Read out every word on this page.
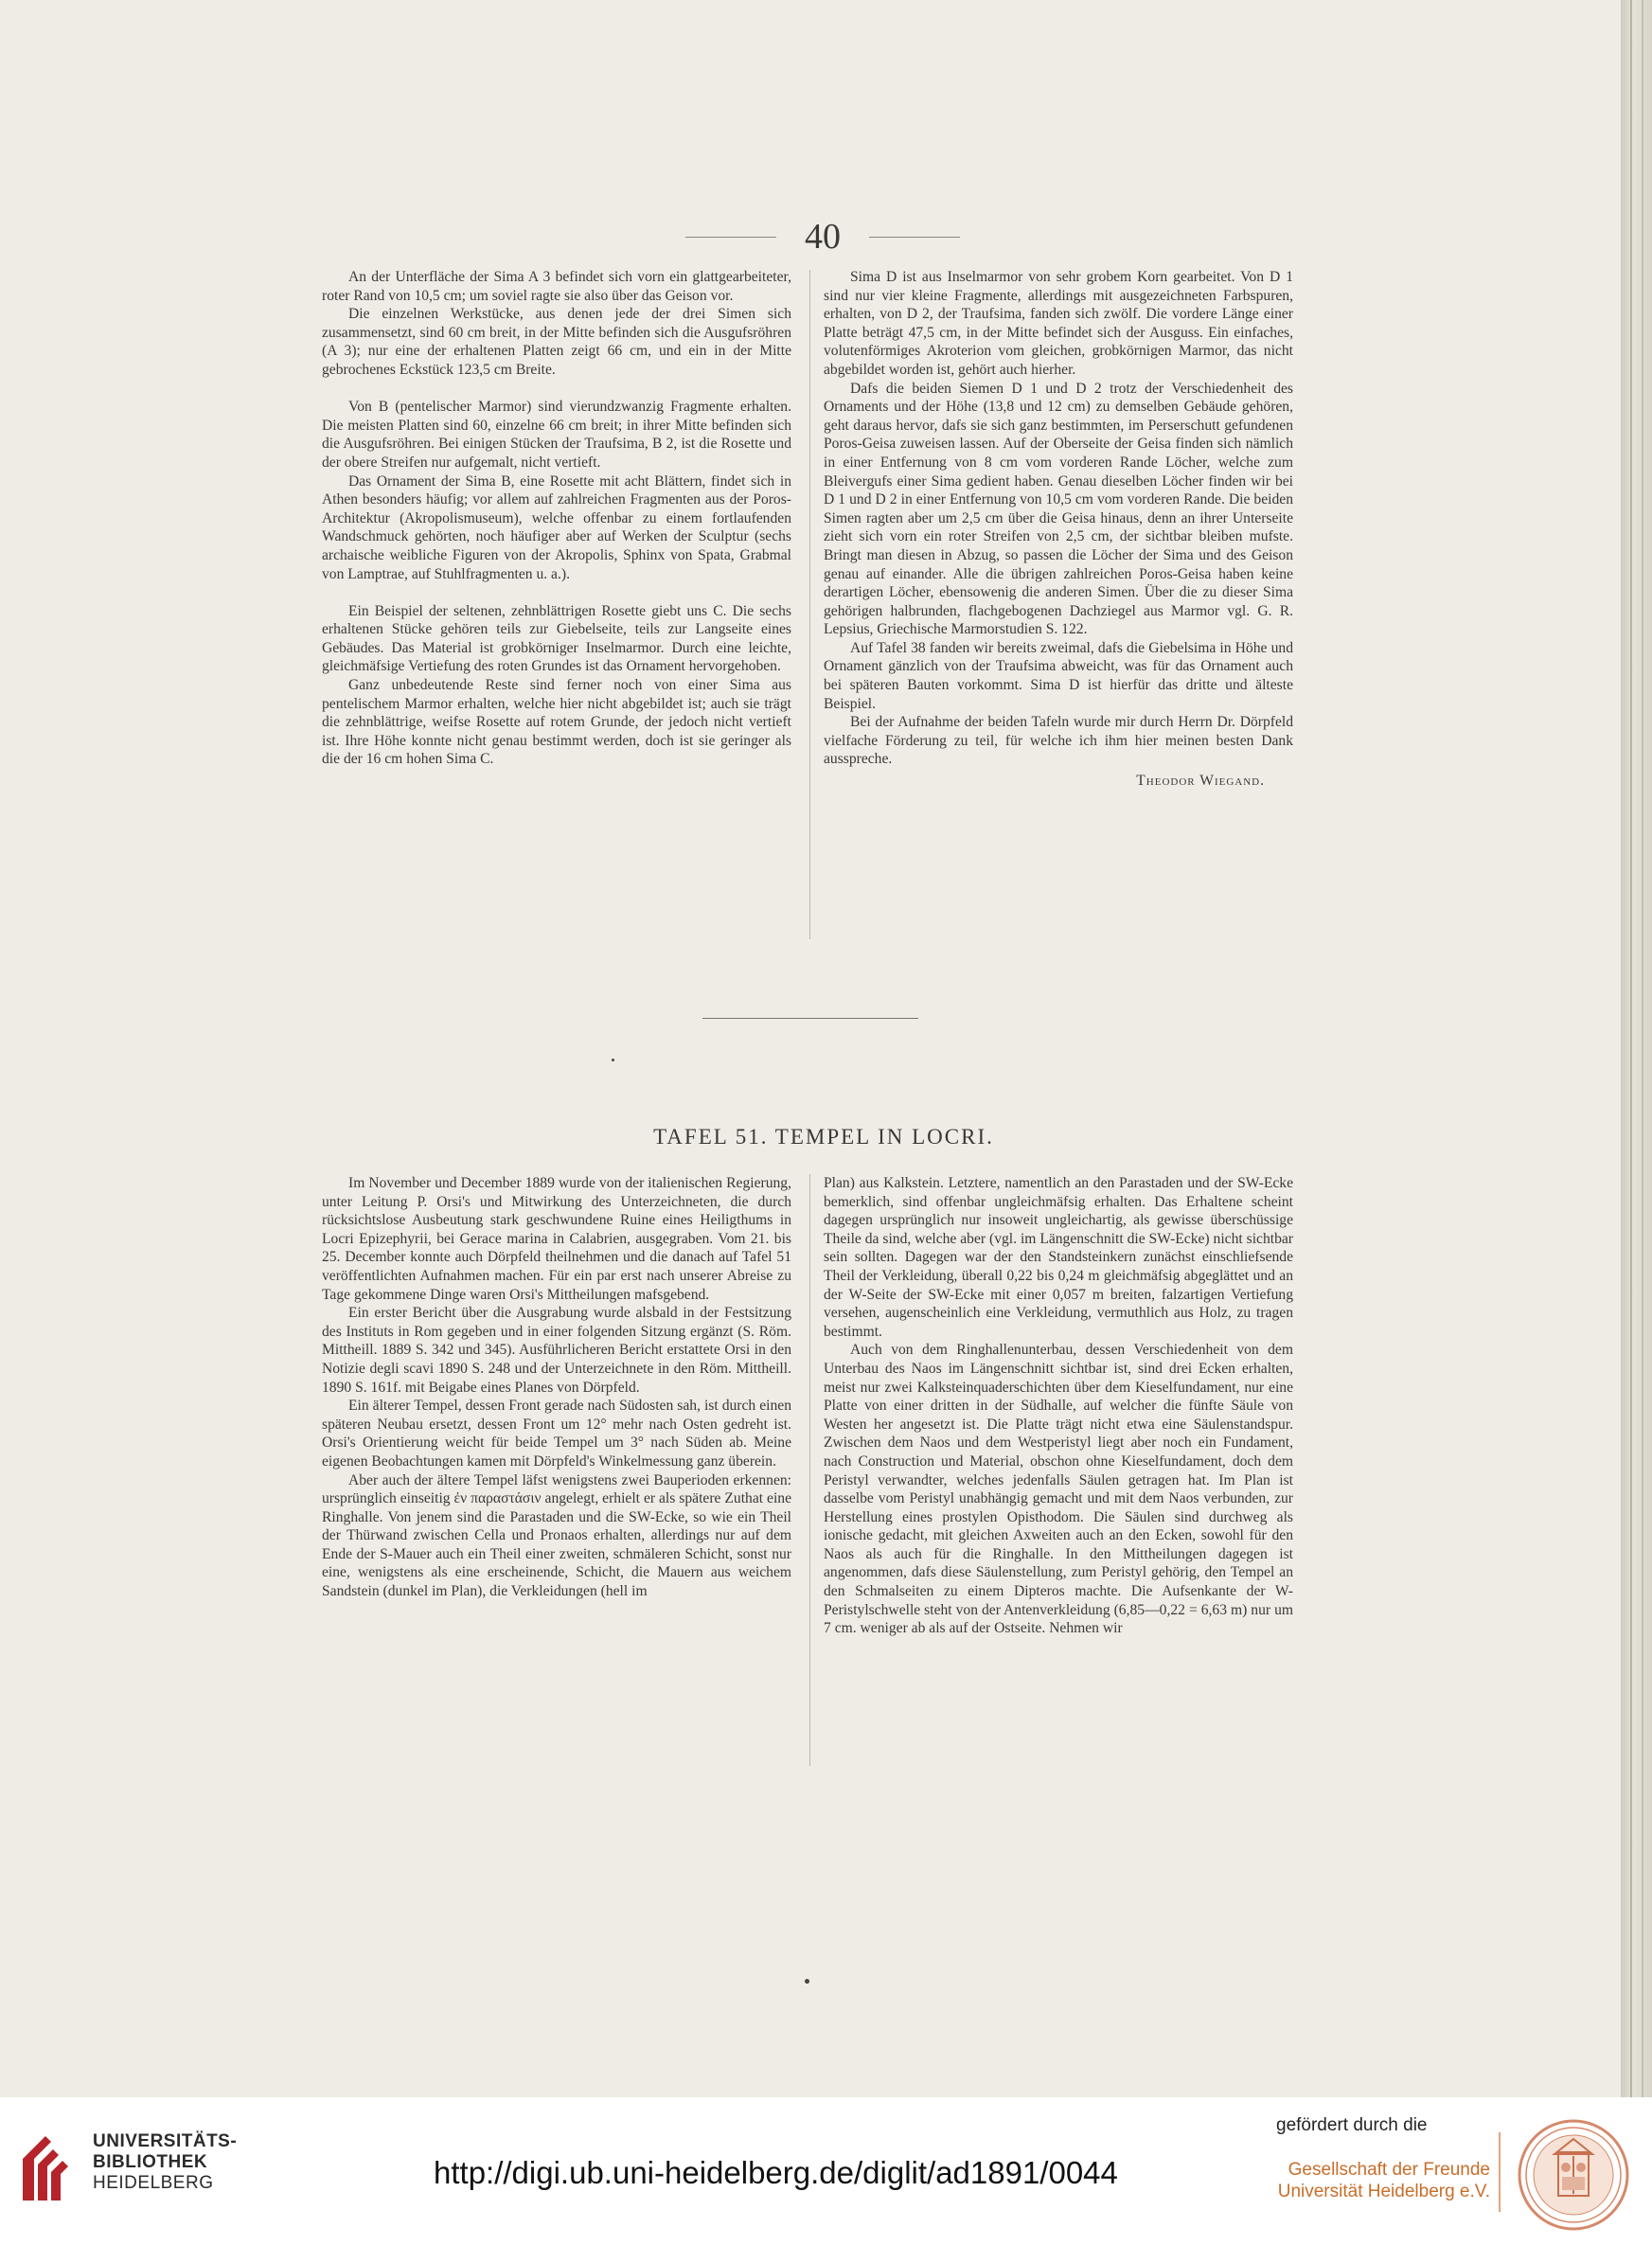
40

An der Unterfläche der Sima A 3 befindet sich vorn ein glattgearbeiteter, roter Rand von 10,5 cm; um soviel ragte sie also über das Geison vor.

Die einzelnen Werkstücke, aus denen jede der drei Simen sich zusammensetzt, sind 60 cm breit, in der Mitte befinden sich die Ausgufsröhren (A 3); nur eine der erhaltenen Platten zeigt 66 cm, und ein in der Mitte gebrochenes Eckstück 123,5 cm Breite.

Von B (pentelischer Marmor) sind vierundzwanzig Fragmente erhalten. Die meisten Platten sind 60, einzelne 66 cm breit; in ihrer Mitte befinden sich die Ausgufsröhren. Bei einigen Stücken der Traufsima, B 2, ist die Rosette und der obere Streifen nur aufgemalt, nicht vertieft.

Das Ornament der Sima B, eine Rosette mit acht Blättern, findet sich in Athen besonders häufig; vor allem auf zahlreichen Fragmenten aus der Poros-Architektur (Akropolismuseum), welche offenbar zu einem fortlaufenden Wandschmuck gehörten, noch häufiger aber auf Werken der Sculptur (sechs archaische weibliche Figuren von der Akropolis, Sphinx von Spata, Grabmal von Lamptrae, auf Stuhlfragmenten u. a.).

Ein Beispiel der seltenen, zehnblättrigen Rosette giebt uns C. Die sechs erhaltenen Stücke gehören teils zur Giebelseite, teils zur Langseite eines Gebäudes. Das Material ist grobkörniger Inselmarmor. Durch eine leichte, gleichmäfsige Vertiefung des roten Grundes ist das Ornament hervorgehoben.

Ganz unbedeutende Reste sind ferner noch von einer Sima aus pentelischem Marmor erhalten, welche hier nicht abgebildet ist; auch sie trägt die zehnblättrige, weifse Rosette auf rotem Grunde, der jedoch nicht vertieft ist. Ihre Höhe konnte nicht genau bestimmt werden, doch ist sie geringer als die der 16 cm hohen Sima C.

Sima D ist aus Inselmarmor von sehr grobem Korn gearbeitet. Von D 1 sind nur vier kleine Fragmente, allerdings mit ausgezeichneten Farbspuren, erhalten, von D 2, der Traufsima, fanden sich zwölf. Die vordere Länge einer Platte beträgt 47,5 cm, in der Mitte befindet sich der Ausguss. Ein einfaches, volutenförmiges Akroterion vom gleichen, grobkörnigen Marmor, das nicht abgebildet worden ist, gehört auch hierher.

Dafs die beiden Siemen D 1 und D 2 trotz der Verschiedenheit des Ornaments und der Höhe (13,8 und 12 cm) zu demselben Gebäude gehören, geht daraus hervor, dafs sie sich ganz bestimmten, im Perserschutt gefundenen Poros-Geisa zuweisen lassen. Auf der Oberseite der Geisa finden sich nämlich in einer Entfernung von 8 cm vom vorderen Rande Löcher, welche zum Bleivergufs einer Sima gedient haben. Genau dieselben Löcher finden wir bei D 1 und D 2 in einer Entfernung von 10,5 cm vom vorderen Rande. Die beiden Simen ragten aber um 2,5 cm über die Geisa hinaus, denn an ihrer Unterseite zieht sich vorn ein roter Streifen von 2,5 cm, der sichtbar bleiben mufste. Bringt man diesen in Abzug, so passen die Löcher der Sima und des Geison genau auf einander. Alle die übrigen zahlreichen Poros-Geisa haben keine derartigen Löcher, ebensowenig die anderen Simen. Über die zu dieser Sima gehörigen halbrunden, flachgebogenen Dachziegel aus Marmor vgl. G. R. Lepsius, Griechische Marmorstudien S. 122.

Auf Tafel 38 fanden wir bereits zweimal, dafs die Giebelsima in Höhe und Ornament gänzlich von der Traufsima abweicht, was für das Ornament auch bei späteren Bauten vorkommt. Sima D ist hierfür das dritte und älteste Beispiel.

Bei der Aufnahme der beiden Tafeln wurde mir durch Herrn Dr. Dörpfeld vielfache Förderung zu teil, für welche ich ihm hier meinen besten Dank ausspreche.

Theodor Wiegand.
TAFEL 51. TEMPEL IN LOCRI.

Im November und December 1889 wurde von der italienischen Regierung, unter Leitung P. Orsi's und Mitwirkung des Unterzeichneten, die durch rücksichtslose Ausbeutung stark geschwundene Ruine eines Heiligthums in Locri Epizephyrii, bei Gerace marina in Calabrien, ausgegraben. Vom 21. bis 25. December konnte auch Dörpfeld theilnehmen und die danach auf Tafel 51 veröffentlichten Aufnahmen machen. Für ein par erst nach unserer Abreise zu Tage gekommene Dinge waren Orsi's Mittheilungen mafsgebend.

Ein erster Bericht über die Ausgrabung wurde alsbald in der Festsitzung des Instituts in Rom gegeben und in einer folgenden Sitzung ergänzt (S. Röm. Mittheill. 1889 S. 342 und 345). Ausführlicheren Bericht erstattete Orsi in den Notizie degli scavi 1890 S. 248 und der Unterzeichnete in den Röm. Mittheill. 1890 S. 161f. mit Beigabe eines Planes von Dörpfeld.

Ein älterer Tempel, dessen Front gerade nach Südosten sah, ist durch einen späteren Neubau ersetzt, dessen Front um 12° mehr nach Osten gedreht ist. Orsi's Orientierung weicht für beide Tempel um 3° nach Süden ab. Meine eigenen Beobachtungen kamen mit Dörpfeld's Winkelmessung ganz überein.

Aber auch der ältere Tempel läfst wenigstens zwei Bauperioden erkennen: ursprünglich einseitig ἐν παραστάσιν angelegt, erhielt er als spätere Zuthat eine Ringhalle. Von jenem sind die Parastaden und die SW-Ecke, so wie ein Theil der Thürwand zwischen Cella und Pronaos erhalten, allerdings nur auf dem Ende der S-Mauer auch ein Theil einer zweiten, schmäleren Schicht, sonst nur eine, wenigstens als eine erscheinende, Schicht, die Mauern aus weichem Sandstein (dunkel im Plan), die Verkleidungen (hell im

Plan) aus Kalkstein. Letztere, namentlich an den Parastaden und der SW-Ecke bemerklich, sind offenbar ungleichmäfsig erhalten. Das Erhaltene scheint dagegen ursprünglich nur insoweit ungleichartig, als gewisse überschüssige Theile da sind, welche aber (vgl. im Längenschnitt die SW-Ecke) nicht sichtbar sein sollten. Dagegen war der den Standsteinkern zunächst einschliefsende Theil der Verkleidung, überall 0,22 bis 0,24 m gleichmäfsig abgeglättet und an der W-Seite der SW-Ecke mit einer 0,057 m breiten, falzartigen Vertiefung versehen, augenscheinlich eine Verkleidung, vermuthlich aus Holz, zu tragen bestimmt.

Auch von dem Ringhallenunterbau, dessen Verschiedenheit von dem Unterbau des Naos im Längenschnitt sichtbar ist, sind drei Ecken erhalten, meist nur zwei Kalksteinquaderschichten über dem Kieselfundament, nur eine Platte von einer dritten in der Südhalle, auf welcher die fünfte Säule von Westen her angesetzt ist. Die Platte trägt nicht etwa eine Säulenstandspur. Zwischen dem Naos und dem Westperistyl liegt aber noch ein Fundament, nach Construction und Material, obschon ohne Kieselfundament, doch dem Peristyl verwandter, welches jedenfalls Säulen getragen hat. Im Plan ist dasselbe vom Peristyl unabhängig gemacht und mit dem Naos verbunden, zur Herstellung eines prostylen Opisthodom. Die Säulen sind durchweg als ionische gedacht, mit gleichen Axweiten auch an den Ecken, sowohl für den Naos als auch für die Ringhalle. In den Mittheilungen dagegen ist angenommen, dafs diese Säulenstellung, zum Peristyl gehörig, den Tempel an den Schmalseiten zu einem Dipteros machte. Die Aufsenkante der W-Peristylschwelle steht von der Antenverkleidung (6,85—0,22 = 6,63 m) nur um 7 cm. weniger ab als auf der Ostseite. Nehmen wir

UNIVERSITÄTS-
BIBLIOTHEK
HEIDELBERG	http://digi.ub.uni-heidelberg.de/diglit/ad1891/0044
gefördert durch die
Gesellschaft der Freunde
Universität Heidelberg e.V.
